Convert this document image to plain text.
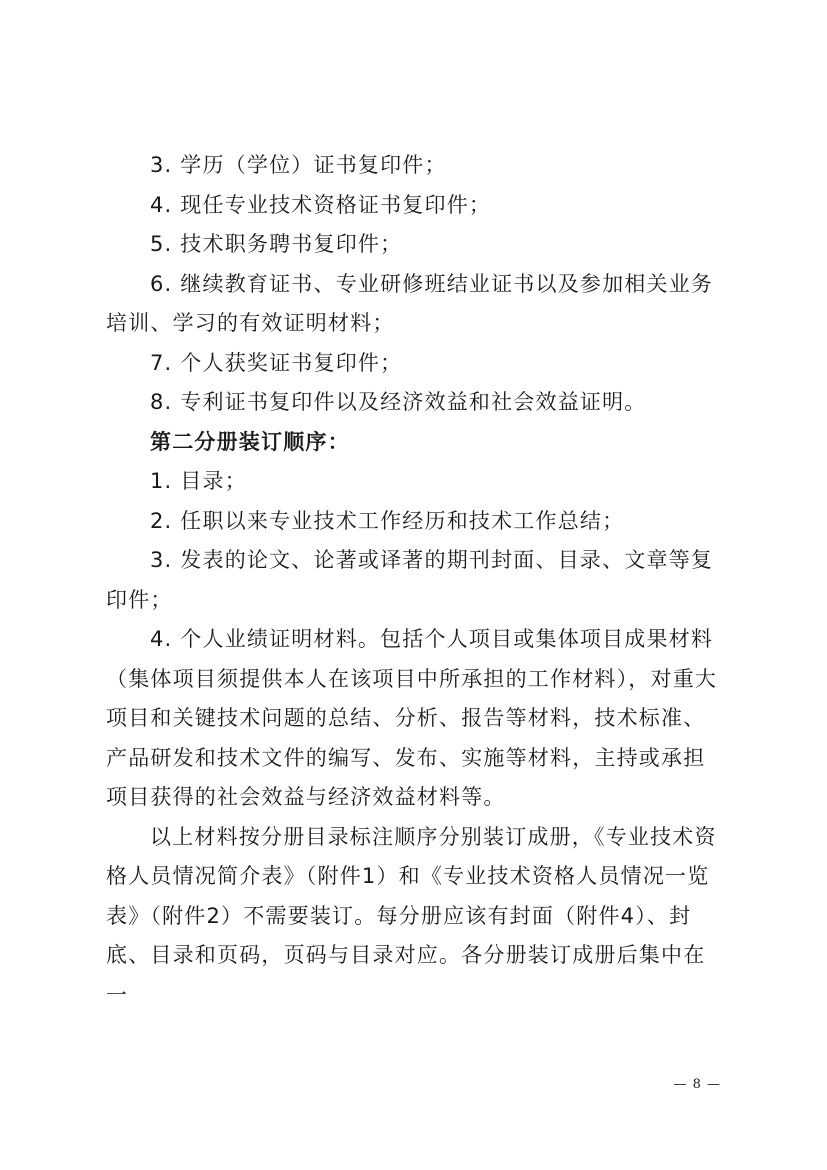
3. 学历（学位）证书复印件；

4. 现任专业技术资格证书复印件；

5. 技术职务聘书复印件；

6. 继续教育证书、专业研修班结业证书以及参加相关业务培训、学习的有效证明材料；

7. 个人获奖证书复印件；

8. 专利证书复印件以及经济效益和社会效益证明。

第二分册装订顺序：

1. 目录；

2. 任职以来专业技术工作经历和技术工作总结；

3. 发表的论文、论著或译著的期刊封面、目录、文章等复印件；

4. 个人业绩证明材料。包括个人项目或集体项目成果材料（集体项目须提供本人在该项目中所承担的工作材料），对重大项目和关键技术问题的总结、分析、报告等材料，技术标准、产品研发和技术文件的编写、发布、实施等材料，主持或承担项目获得的社会效益与经济效益材料等。

以上材料按分册目录标注顺序分别装订成册，《专业技术资格人员情况简介表》（附件1）和《专业技术资格人员情况一览表》（附件2）不需要装订。每分册应该有封面（附件4）、封底、目录和页码，页码与目录对应。各分册装订成册后集中在一

— 8 —
